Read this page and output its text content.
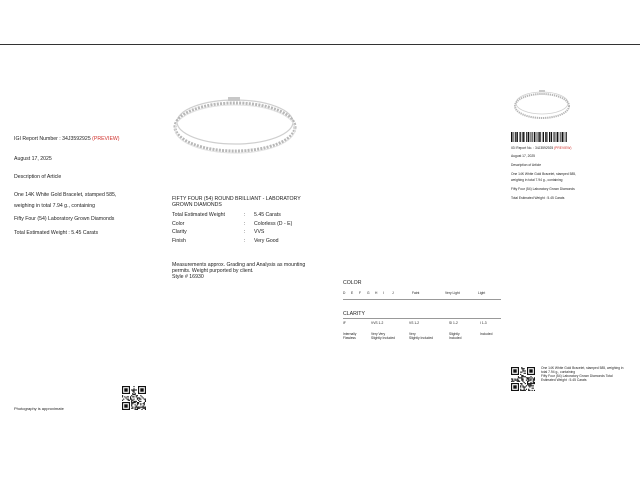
IGI Report Number : 34J3592925 (PREVIEW)
August 17, 2025
Description of Article
One 14K White Gold Bracelet, stamped 585,
weighing in total 7.94 g., containing
Fifty Four (54) Laboratory Grown Diamonds
Total Estimated Weight : 5.45 Carats
Photography is approximate
FIFTY FOUR (54) ROUND BRILLIANT - LABORATORY
GROWN DIAMONDS
Total Estimated Weight	:	5.45 Carats
Color	:	Colorless (D - E)
Clarity	:	VVS
Finish	:	Very Good
Measurements approx. Grading and Analysis as mounting
permits. Weight purported by client.
Style # 16930
COLOR
D E F G H I J	Faint	Very Light	Light
CLARITY
IF	VVS 1-2	VS 1-2	SI 1-2	I 1-3
Internally	Very Very	Very	Slightly	Included
Flawless	Slightly Included	Slightly Included	Included
IGI Report No. : 34J3592925 (PREVIEW)
August 17, 2025
Description of Article
One 14K White Gold Bracelet, stamped 585,
weighing in total 7.94 g., containing
Fifty Four (54) Laboratory Grown Diamonds
Total Estimated Weight : 5.45 Carats
One 14K White Gold Bracelet, stamped 585, weighing in
total 7.94 g., containing
Fifty Four (54) Laboratory Grown Diamonds Total
Estimated Weight : 5.45 Carats
